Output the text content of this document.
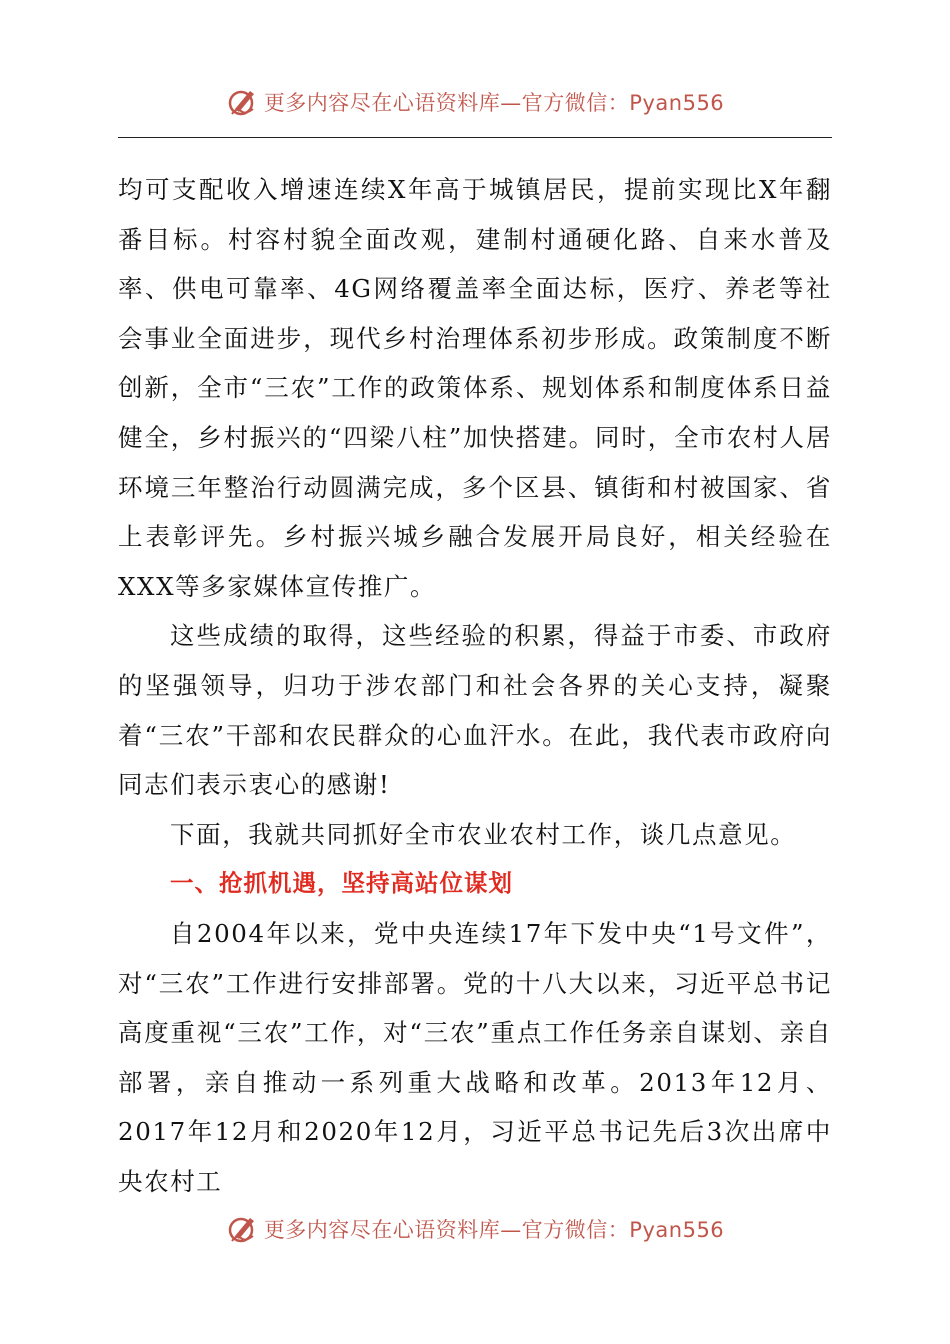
更多内容尽在心语资料库—官方微信：Pyan556

均可支配收入增速连续X年高于城镇居民，提前实现比X年翻番目标。村容村貌全面改观，建制村通硬化路、自来水普及率、供电可靠率、4G网络覆盖率全面达标，医疗、养老等社会事业全面进步，现代乡村治理体系初步形成。政策制度不断创新，全市“三农”工作的政策体系、规划体系和制度体系日益健全，乡村振兴的“四梁八柱”加快搭建。同时，全市农村人居环境三年整治行动圆满完成，多个区县、镇街和村被国家、省上表彰评先。乡村振兴城乡融合发展开局良好，相关经验在XXX等多家媒体宣传推广。

这些成绩的取得，这些经验的积累，得益于市委、市政府的坚强领导，归功于涉农部门和社会各界的关心支持，凝聚着“三农”干部和农民群众的心血汗水。在此，我代表市政府向同志们表示衷心的感谢!

下面，我就共同抓好全市农业农村工作，谈几点意见。

一、抢抓机遇，坚持高站位谋划

自2004年以来，党中央连续17年下发中央“1号文件”，对“三农”工作进行安排部署。党的十八大以来，习近平总书记高度重视“三农”工作，对“三农”重点工作任务亲自谋划、亲自部署，亲自推动一系列重大战略和改革。2013年12月、2017年12月和2020年12月，习近平总书记先后3次出席中央农村工

更多内容尽在心语资料库—官方微信：Pyan556
